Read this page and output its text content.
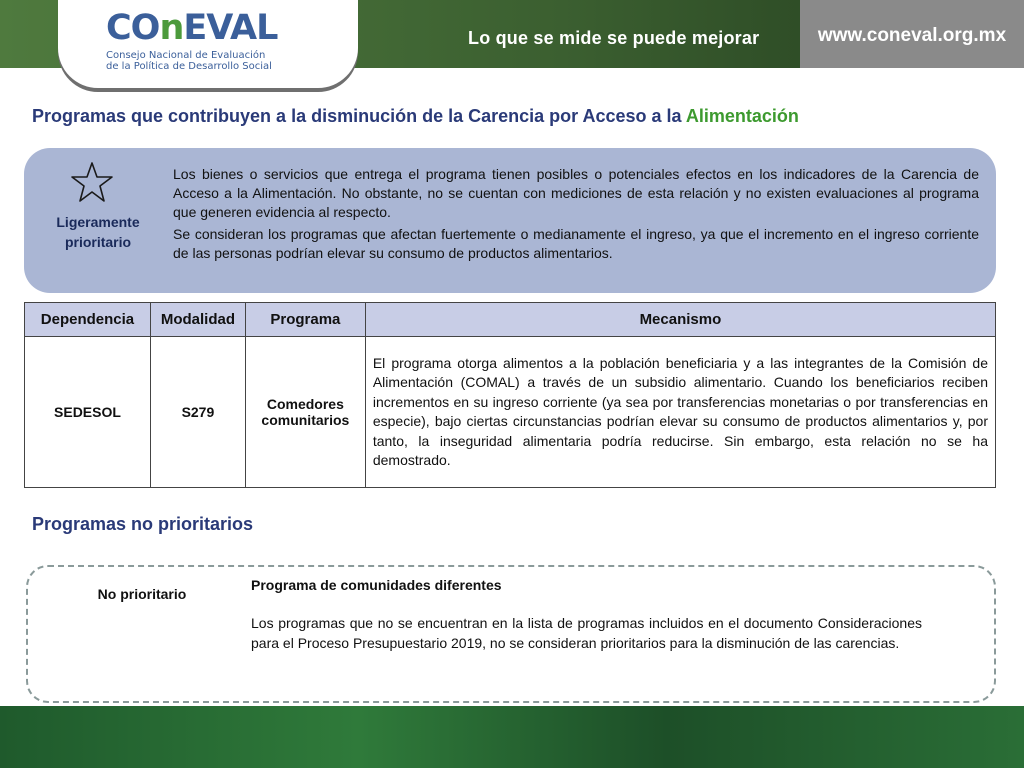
www.coneval.org.mx
Lo que se mide se puede mejorar
COnEVAL
Consejo Nacional de Evaluación
de la Política de Desarrollo Social
Programas que contribuyen a la disminución de la Carencia por Acceso a la Alimentación
Ligeramente
prioritario

Los bienes o servicios que entrega el programa tienen posibles o potenciales efectos en los indicadores de la Carencia de Acceso a la Alimentación. No obstante, no se cuentan con mediciones de esta relación y no existen evaluaciones al programa que generen evidencia al respecto.

Se consideran los programas que afectan fuertemente o medianamente el ingreso, ya que el incremento en el ingreso corriente de las personas podrían elevar su consumo de productos alimentarios.

Dependencia	Modalidad	Programa	Mecanismo
SEDESOL	S279	Comedores comunitarios	El programa otorga alimentos a la población beneficiaria y a las integrantes de la Comisión de Alimentación (COMAL) a través de un subsidio alimentario. Cuando los beneficiarios reciben incrementos en su ingreso corriente (ya sea por transferencias monetarias o por transferencias en especie), bajo ciertas circunstancias podrían elevar su consumo de productos alimentarios y, por tanto, la inseguridad alimentaria podría reducirse. Sin embargo, esta relación no se ha demostrado.
Programas no prioritarios
No prioritario
Programa de comunidades diferentes
Los programas que no se encuentran en la lista de programas incluidos en el documento Consideraciones para el Proceso Presupuestario 2019, no se consideran prioritarios para la disminución de las carencias.
